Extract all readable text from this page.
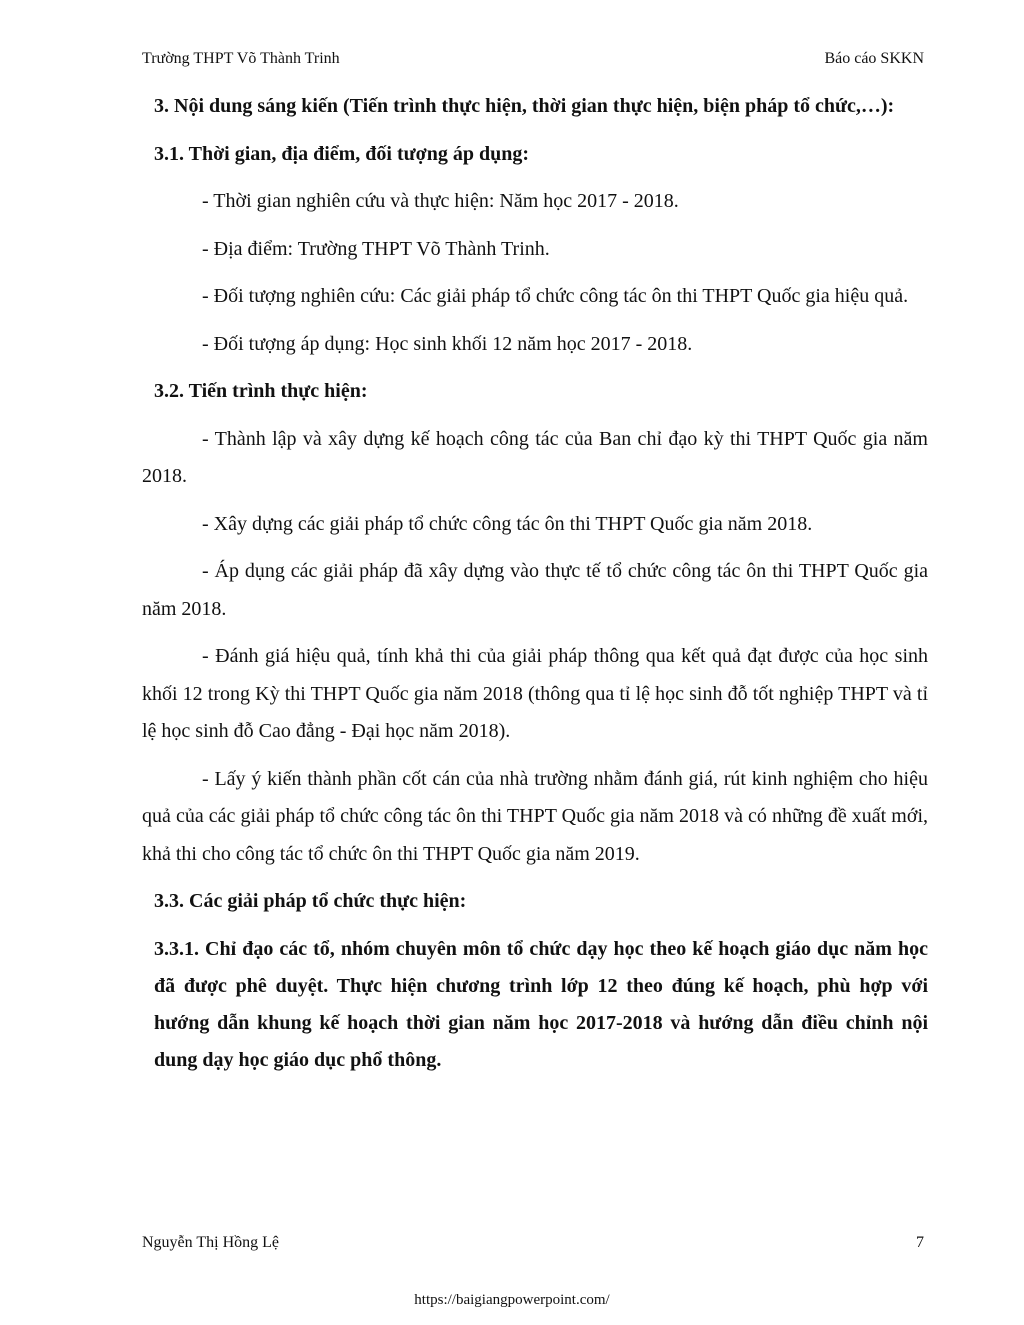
Trường THPT Võ Thành Trinh	Báo cáo SKKN

3. Nội dung sáng kiến (Tiến trình thực hiện, thời gian thực hiện, biện pháp tổ chức,…):

3.1. Thời gian, địa điểm, đối tượng áp dụng:

- Thời gian nghiên cứu và thực hiện: Năm học 2017 - 2018.

- Địa điểm: Trường THPT Võ Thành Trinh.

- Đối tượng nghiên cứu: Các giải pháp tổ chức công tác ôn thi THPT Quốc gia hiệu quả.

- Đối tượng áp dụng: Học sinh khối 12 năm học 2017 - 2018.

3.2. Tiến trình thực hiện:

- Thành lập và xây dựng kế hoạch công tác của Ban chỉ đạo kỳ thi THPT Quốc gia năm 2018.

- Xây dựng các giải pháp tổ chức công tác ôn thi THPT Quốc gia năm 2018.

- Áp dụng các giải pháp đã xây dựng vào thực tế tổ chức công tác ôn thi THPT Quốc gia năm 2018.

- Đánh giá hiệu quả, tính khả thi của giải pháp thông qua kết quả đạt được của học sinh khối 12 trong Kỳ thi THPT Quốc gia năm 2018 (thông qua tỉ lệ học sinh đỗ tốt nghiệp THPT và tỉ lệ học sinh đỗ Cao đẳng - Đại học năm 2018).

- Lấy ý kiến thành phần cốt cán của nhà trường nhằm đánh giá, rút kinh nghiệm cho hiệu quả của các giải pháp tổ chức công tác ôn thi THPT Quốc gia năm 2018 và có những đề xuất mới, khả thi cho công tác tổ chức ôn thi THPT Quốc gia năm 2019.

3.3. Các giải pháp tổ chức thực hiện:

3.3.1. Chỉ đạo các tổ, nhóm chuyên môn tổ chức dạy học theo kế hoạch giáo dục năm học đã được phê duyệt. Thực hiện chương trình lớp 12 theo đúng kế hoạch, phù hợp với hướng dẫn khung kế hoạch thời gian năm học 2017-2018 và hướng dẫn điều chỉnh nội dung dạy học giáo dục phổ thông.

Nguyễn Thị Hồng Lệ	7
https://baigiangpowerpoint.com/
